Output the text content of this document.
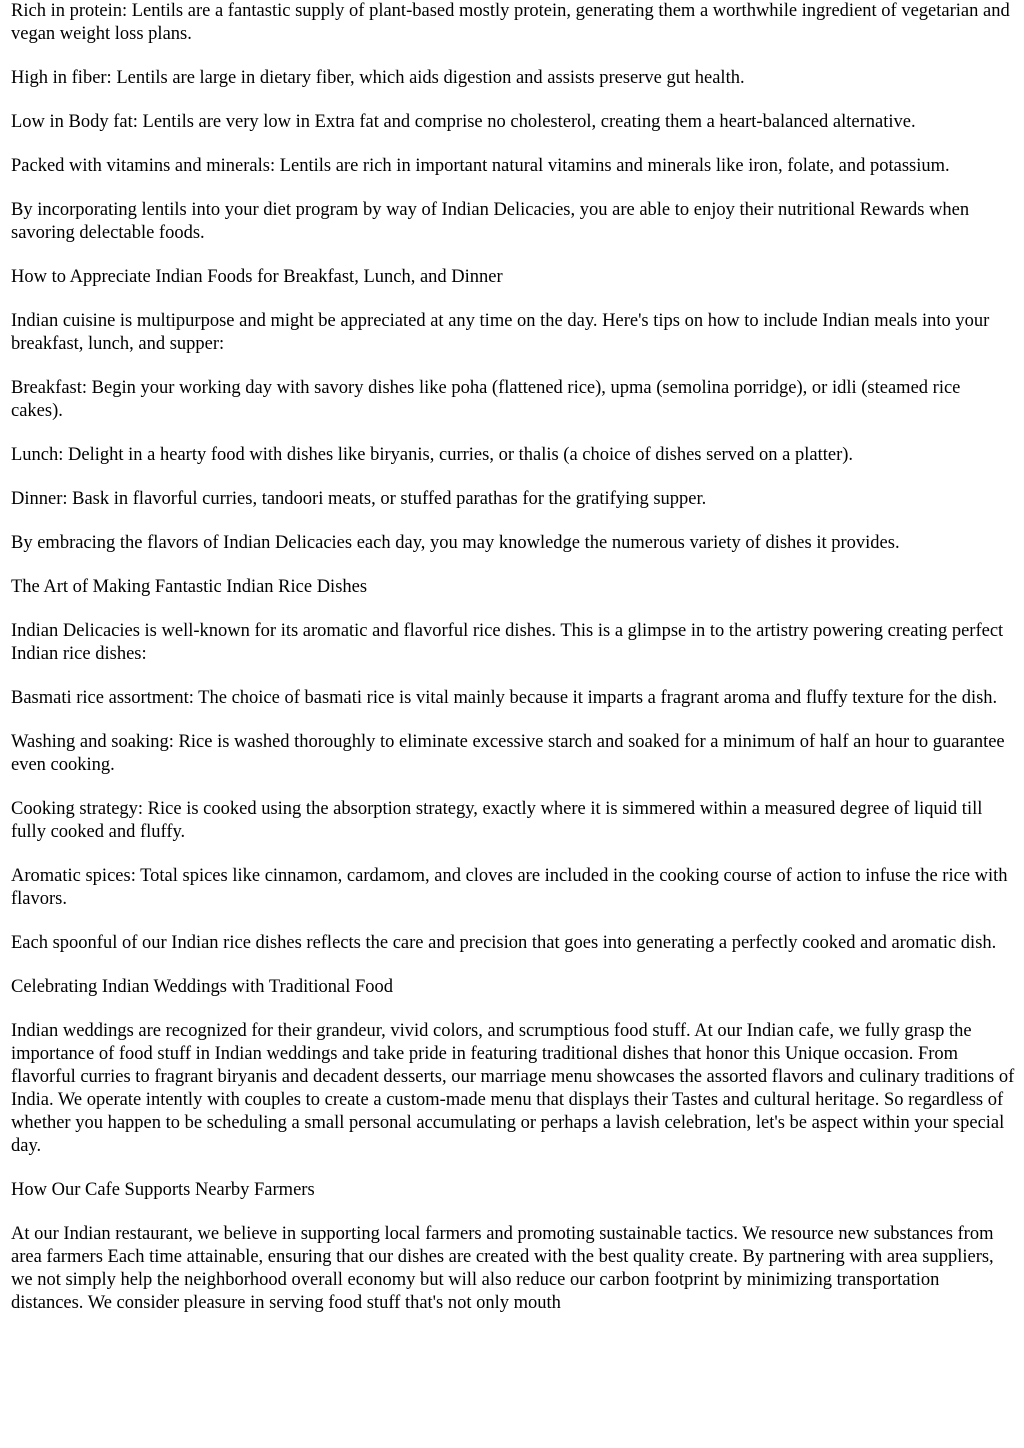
Rich in protein: Lentils are a fantastic supply of plant-based mostly protein, generating them a worthwhile ingredient of vegetarian and vegan weight loss plans.

High in fiber: Lentils are large in dietary fiber, which aids digestion and assists preserve gut health.

Low in Body fat: Lentils are very low in Extra fat and comprise no cholesterol, creating them a heart-balanced alternative.

Packed with vitamins and minerals: Lentils are rich in important natural vitamins and minerals like iron, folate, and potassium.

By incorporating lentils into your diet program by way of Indian Delicacies, you are able to enjoy their nutritional Rewards when savoring delectable foods.

How to Appreciate Indian Foods for Breakfast, Lunch, and Dinner

Indian cuisine is multipurpose and might be appreciated at any time on the day. Here's tips on how to include Indian meals into your breakfast, lunch, and supper:

Breakfast: Begin your working day with savory dishes like poha (flattened rice), upma (semolina porridge), or idli (steamed rice cakes).

Lunch: Delight in a hearty food with dishes like biryanis, curries, or thalis (a choice of dishes served on a platter).

Dinner: Bask in flavorful curries, tandoori meats, or stuffed parathas for the gratifying supper.

By embracing the flavors of Indian Delicacies each day, you may knowledge the numerous variety of dishes it provides.

The Art of Making Fantastic Indian Rice Dishes

Indian Delicacies is well-known for its aromatic and flavorful rice dishes. This is a glimpse in to the artistry powering creating perfect Indian rice dishes:

Basmati rice assortment: The choice of basmati rice is vital mainly because it imparts a fragrant aroma and fluffy texture for the dish.

Washing and soaking: Rice is washed thoroughly to eliminate excessive starch and soaked for a minimum of half an hour to guarantee even cooking.

Cooking strategy: Rice is cooked using the absorption strategy, exactly where it is simmered within a measured degree of liquid till fully cooked and fluffy.

Aromatic spices: Total spices like cinnamon, cardamom, and cloves are included in the cooking course of action to infuse the rice with flavors.

Each spoonful of our Indian rice dishes reflects the care and precision that goes into generating a perfectly cooked and aromatic dish.

Celebrating Indian Weddings with Traditional Food

Indian weddings are recognized for their grandeur, vivid colors, and scrumptious food stuff. At our Indian cafe, we fully grasp the importance of food stuff in Indian weddings and take pride in featuring traditional dishes that honor this Unique occasion. From flavorful curries to fragrant biryanis and decadent desserts, our marriage menu showcases the assorted flavors and culinary traditions of India. We operate intently with couples to create a custom-made menu that displays their Tastes and cultural heritage. So regardless of whether you happen to be scheduling a small personal accumulating or perhaps a lavish celebration, let's be aspect within your special day.

How Our Cafe Supports Nearby Farmers

At our Indian restaurant, we believe in supporting local farmers and promoting sustainable tactics. We resource new substances from area farmers Each time attainable, ensuring that our dishes are created with the best quality create. By partnering with area suppliers, we not simply help the neighborhood overall economy but will also reduce our carbon footprint by minimizing transportation distances. We consider pleasure in serving food stuff that's not only mouth
